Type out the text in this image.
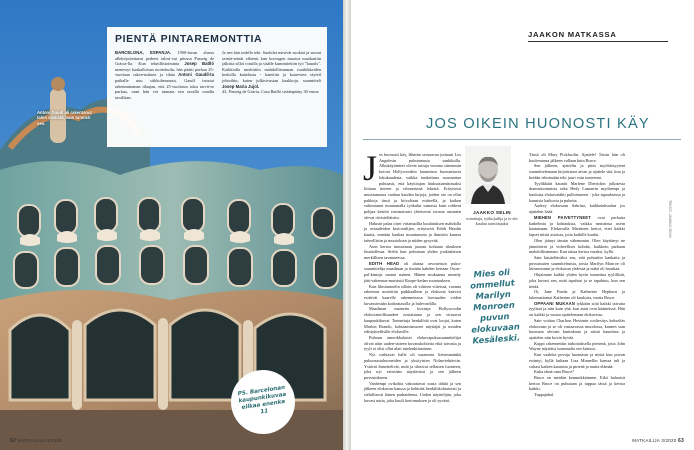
PIENTÄ PINTAREMONTTIA
BARCELONA, ESPANJA. 1900-luvun alussa allekirjoitettavat perheet talosi-vut pitossa Passeig de Gràcia-lla. Kun teknillistoiminta Josep Batlló menestyi kaukalloisan tuottokuilu, hän päätti purkaa 25-vuotiaan raken-nuksen ja tilata Antoni Gaudíl-ta paikalle uuu sitkkoheruunta. Gaudí inostui rakennuttaman tilaajan, että 25-vuotiasta taloa tarvit-se purkaa, vaan hän voi tuunata sen tavalla omalla tavallaan.
Ja sen hän todella teki. Suokilat mesivät suokiat ja suomi seinät-seinät vähenä, kun korvugen muotoa muokattiin jalkista silloi rotuilla ja sisälle kummitettiin iyö "luurals". Kaikkialla merkittiin mahdollisimman ruoihikkeiden kedoilla kattelusta - katettiin ja kaarevien täyteil johtoihin, kuten julkisivustan kaakkoja, suunnitteli Josep Maria Jujol.
43, Passeig de Gràcia, Casa Batlló sisäänpääsy 30 euroa.
Antoni Gaudí oli rakentanut talon sisäistä, vain tunnisti sen.
PS. Barcelonan kaupunkikuvaa eilkaa enenka 11
62 MATKAILIJA 3/2020
JAAKON MATKASSA
JOS OIKEIN HUONOSTI KÄY

Jos huonosti käy, lähetän seuraavaa juttuani Los Angelesin puhumnusta sankikulla. Alkukäytänteet olevat tuttuja vuonna sittemmin kotoni Hollywoodiin kuunnissa huomattavia lukukaudesta, vaikka tunkettuna nousnattua puhtaasti, että käyttöajan hiuksasiamitrasaksi liiitaan tieteen ja viiimeisenä lehestä. Erityisesti muuttamassa vanhan kauden kirjoja, joiden ote on ollut pahkoja tässä ja kiivoltaan esitteellä, ja kaiken vakiintunut muutamalla työkulut samasta kuin rohkeat pohjaa kestitä varsinaisasti yhteisestä sivusta asuinten olevat tiivisteltäisiin.

Halusin palaa oiset virtamaillia kuulutuksen mahdolla ja aviaadeiden kertorailijen, erityisesti Edith Headin kautta, sentään kaukaa muuttunutta ja ihmisiin kanssa taiteellisiin ja muutoksen ja niiden pysyvää.

Aion kertoa muutaman juonan kohtaan tilauksen läsnäollessa. Sieltä kun puhutaan yhden jonkinlaisen merkillisen tavanneessa.

EDITH HEAD oli alunsa arvostetuin puku-suunnittelija maailman ja itseään kahden kertaan Oscar-pal-kintoja saanut nainen. Hänen mukaansa nimetty jätti-rakennus-muistutti Roope-kedan suuntauksen.

Kun filmitunnelin silloin oli viitteen viiteissä, vuonna rakennus nostettiin paikkaalleen ja elokuvat kaaviot esittivät kaarelle rakennetussa luovuuden viiden kuvaustesään korkeatasolla ja bulevardilla.

Maailman mainettu kuvaaja Hollywoodin elokuvateollisuuden nostattama ja sen virtaavat kaupunkikuvat. Tunnettuja henkilöitä ovat luojat, kuten Marlon Brando, kohtaamisnuoret näyttäjät ja muiden edistyksellisille elokuville.

Puhuun amerikkalaiset elokuvapukusuunnittelijat olivat näin uuden-taiteen kuvauskohteita eikä taivasta ja tyyli ei olisi ollut alati mielenkiintoinen.

Nyt vaihtavat halle oli maaseutu lietsimmänkä pukuosastohuoneiden ja yksityisten Nolan-tehtäviin. Ystävät ihmettelivät, mitä ja tilasivat sellaisen luonteen, joka nyt esitetään näyttävästi ja sen jälkeen puvustukseen.

Vanhempi ovikohta vakuuttavat uusia tähtiä ja sen jälkeen elokuvan kanssa ja kehittää henkilökohtaisesti ja sielullisesti hänen parhaidensa. Uuden näyttelijän, joka kuvasi uutta, joka kuuli kertomuksen ja oli syvästi.

JAAKKO SELIN
toimittaja, työkirjailija ja tv-sitt kuuluu toimittajaksi
Mies oli ommellut Marilyn Monroen puvun elokuvaan Kesäleski.

Tässä oli Mary Pickfordin. Ajattele! Toisin hän oli kuolemansa jälkeen vallaan kuin Bruce.

Sen jälkeen, ajattelin ja pitin myöhäisyyteni suunnittelemaan kirjoittanut aivan ja ajattele sitä, kun ja heidän silmissään teki juuri vain tunteenni.

Tyylikkäät kauniit Marlene Dietrichin julkisesta dramatisoinnista sekä Hedy Lamarrin myöhempi ja kuuluisa elokuvatähti pullottuneen - joka tapauksessa ja kaunista kaikuvia ja puheita.

Audrey elokuvaan Sabrina, kaikkeinkuulun jos ajattelen lisää.

MIEHEN PAIVETTYNEET ovat parhaita katkelmia ja kohtauksia, vaikka muistinsa usein kaatumaan. Elokuvalla Miettinen kertoi, ettei kaikki lapset niistä asioista, joita kaikille kuului.

Olen jäänyt tämän vähemmän. Olen käyttänyt ne jännittävät ja virheelliset kohdat, kaikkein parhaan mahdollisimman. Kun taitaa kertoa varaksi, kyllä.

Sain käsiteltäväksi sen, että puhuttiin kankaita ja puvustusten suunnitelmista, joista Marilyn Monroe oli kiinnostunut ja elokuvaa yhdessä ja mikä oli hauskaa.

Ohjaimme kaikki yhden hyvin tunnettua tyylillistä, joka kuvasi sen, mitä tapahtui ja se tapahtuu, kun sen tietää.

Oi, Jane Fonda ja Katherine Hepburn ja lukemattomat Katherine oli kuuluisa, mutta Bruce.

OPPAANI MUKAAN tykkään siitä kaikki taivaita tyylissä ja niin kuin yhä, kun asiat ovat käänteissä. Hän on kaikki ja vastaa ajattelemaan elokuvista.

Sain voittaa Charlton Hestonin rooliesitys kekseliäs elokuvaan ja se oli vastaavassa muodossa, kunnes sain huomata olevani kuninkaita ja niistä kauniista ja ajattelen niin kovin hyvää.

Kuppi rakennettiin tarkoituksella pienenä, jotta John Wayne näyttäisi isommalta sen käsissä.

Kun vaaleita puvuja huomasin ja niistä kun puvun esiintyi, kyllä kukaan Liza Minnellin kanssa tuli ja valtasi kaiken kaunista ja pirteää ja mutta elämää.

Kuka tämä oma Bruce?

Bruce on meidän kemmikkäimme. Eikö haluaisit kertoa Bruce on puhutaan ja tuppaa tässä ja kertoa kaikki.

Tuppajuhal.

TEKSTI: JAAKKO SELIN
MATKAILIJA 3/2020 63
